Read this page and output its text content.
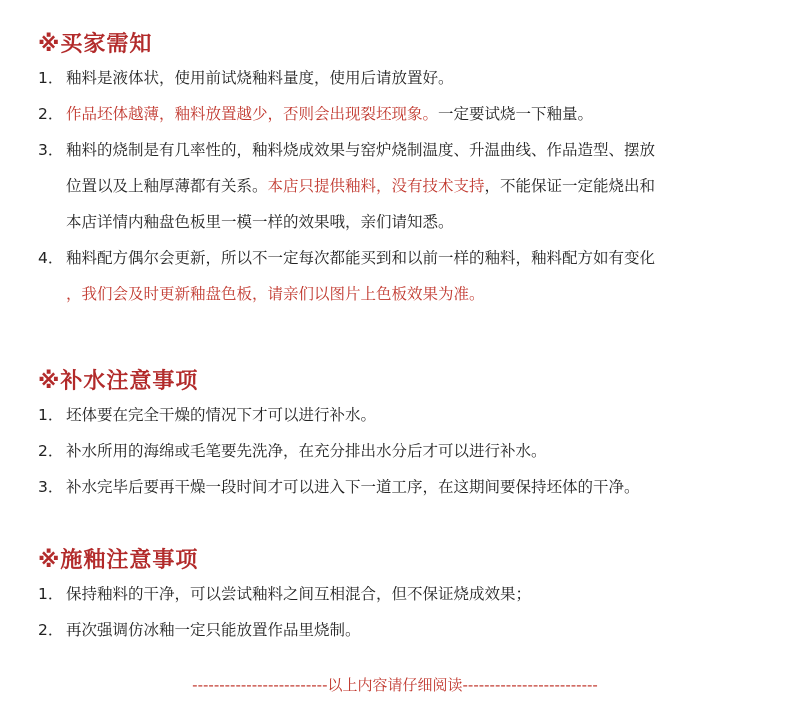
※买家需知
1． 釉料是液体状，使用前试烧釉料量度，使用后请放置好。
2． 作品坯体越薄，釉料放置越少，否则会出现裂坯现象。一定要试烧一下釉量。
3． 釉料的烧制是有几率性的，釉料烧成效果与窑炉烧制温度、升温曲线、作品造型、摆放
位置以及上釉厚薄都有关系。本店只提供釉料，没有技术支持，不能保证一定能烧出和
本店详情内釉盘色板里一模一样的效果哦，亲们请知悉。
4． 釉料配方偶尔会更新，所以不一定每次都能买到和以前一样的釉料，釉料配方如有变化
，我们会及时更新釉盘色板，请亲们以图片上色板效果为准。
※补水注意事项
1． 坯体要在完全干燥的情况下才可以进行补水。
2． 补水所用的海绵或毛笔要先洗净，在充分排出水分后才可以进行补水。
3． 补水完毕后要再干燥一段时间才可以进入下一道工序，在这期间要保持坯体的干净。
※施釉注意事项
1． 保持釉料的干净，可以尝试釉料之间互相混合，但不保证烧成效果；
2． 再次强调仿冰釉一定只能放置作品里烧制。
-------------------------以上内容请仔细阅读-------------------------
